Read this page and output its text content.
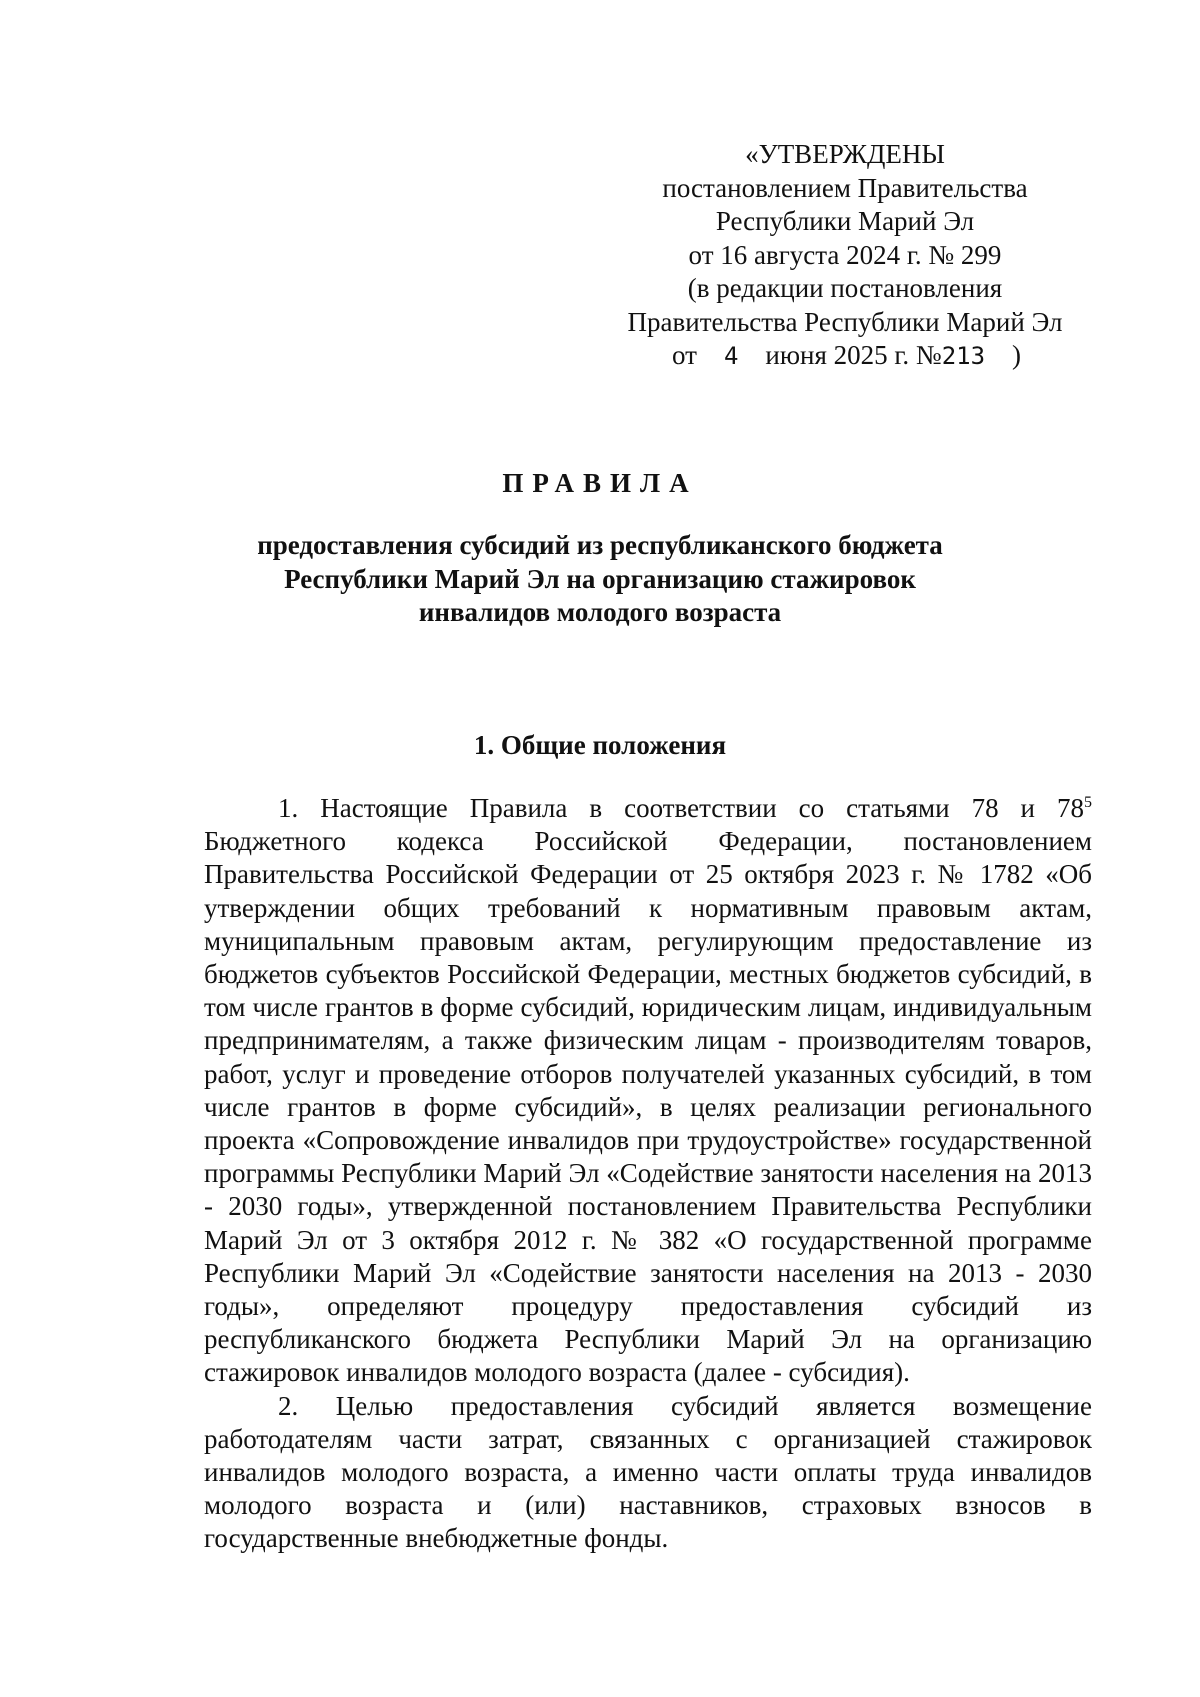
«УТВЕРЖДЕНЫ
постановлением Правительства
Республики Марий Эл
от 16 августа 2024 г. № 299
(в редакции постановления
Правительства Республики Марий Эл
от 4 июня 2025 г. №213 )
ПРАВИЛА
предоставления субсидий из республиканского бюджета
Республики Марий Эл на организацию стажировок
инвалидов молодого возраста
1. Общие положения

1. Настоящие Правила в соответствии со статьями 78 и $78^5$ Бюджетного кодекса Российской Федерации, постановлением Правительства Российской Федерации от 25 октября 2023 г. № 1782 «Об утверждении общих требований к нормативным правовым актам, муниципальным правовым актам, регулирующим предоставление из бюджетов субъектов Российской Федерации, местных бюджетов субсидий, в том числе грантов в форме субсидий, юридическим лицам, индивидуальным предпринимателям, а также физическим лицам - производителям товаров, работ, услуг и проведение отборов получателей указанных субсидий, в том числе грантов в форме субсидий», в целях реализации регионального проекта «Сопровождение инвалидов при трудоустройстве» государственной программы Республики Марий Эл «Содействие занятости населения на 2013 - 2030 годы», утвержденной постановлением Правительства Республики Марий Эл от 3 октября 2012 г. № 382 «О государственной программе Республики Марий Эл «Содействие занятости населения на 2013 - 2030 годы», определяют процедуру предоставления субсидий из республиканского бюджета Республики Марий Эл на организацию стажировок инвалидов молодого возраста (далее - субсидия).

2. Целью предоставления субсидий является возмещение работодателям части затрат, связанных с организацией стажировок инвалидов молодого возраста, а именно части оплаты труда инвалидов молодого возраста и (или) наставников, страховых взносов в государственные внебюджетные фонды.
